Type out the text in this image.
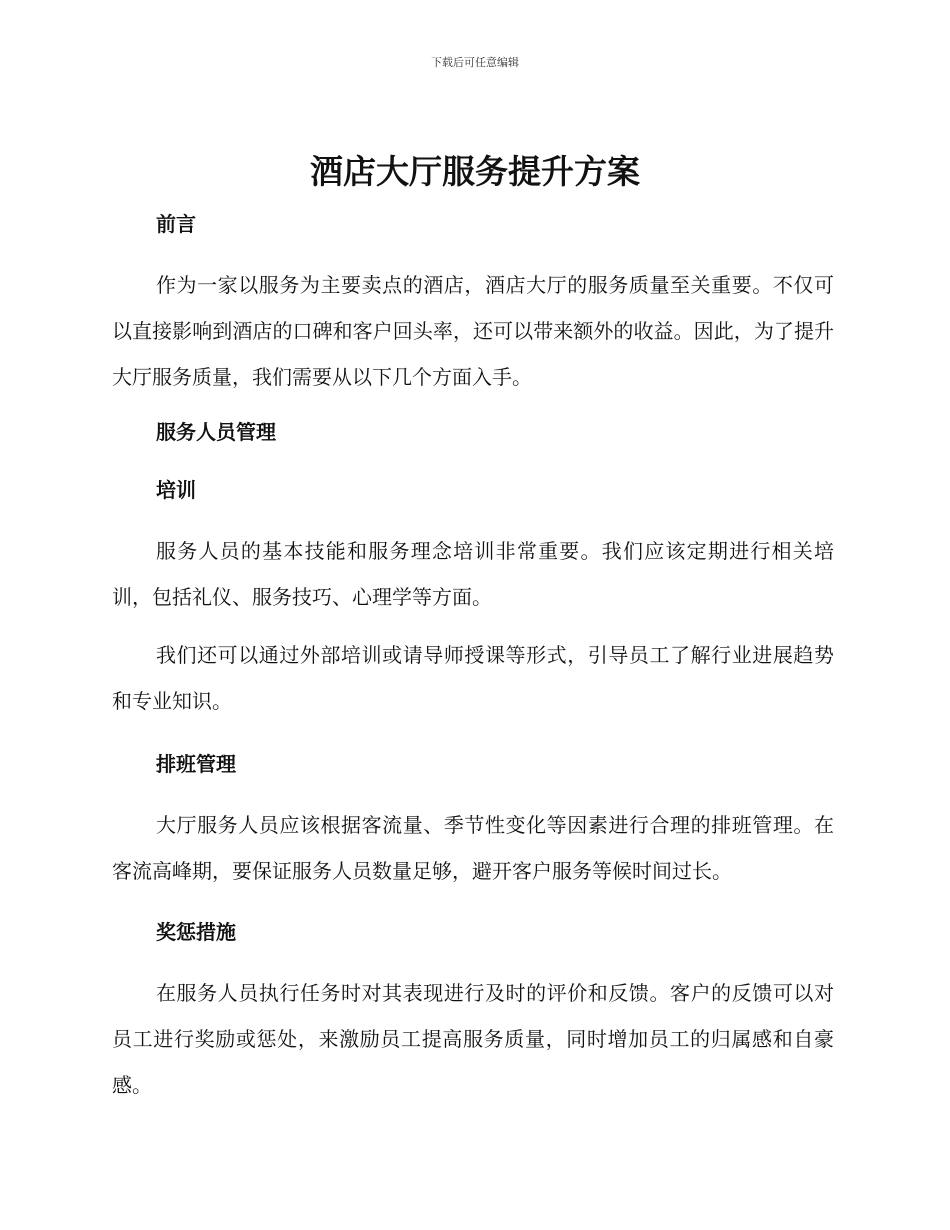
下载后可任意编辑
酒店大厅服务提升方案
前言

作为一家以服务为主要卖点的酒店，酒店大厅的服务质量至关重要。不仅可以直接影响到酒店的口碑和客户回头率，还可以带来额外的收益。因此，为了提升大厅服务质量，我们需要从以下几个方面入手。

服务人员管理
培训

服务人员的基本技能和服务理念培训非常重要。我们应该定期进行相关培训，包括礼仪、服务技巧、心理学等方面。

我们还可以通过外部培训或请导师授课等形式，引导员工了解行业进展趋势和专业知识。

排班管理

大厅服务人员应该根据客流量、季节性变化等因素进行合理的排班管理。在客流高峰期，要保证服务人员数量足够，避开客户服务等候时间过长。

奖惩措施

在服务人员执行任务时对其表现进行及时的评价和反馈。客户的反馈可以对员工进行奖励或惩处，来激励员工提高服务质量，同时增加员工的归属感和自豪感。
